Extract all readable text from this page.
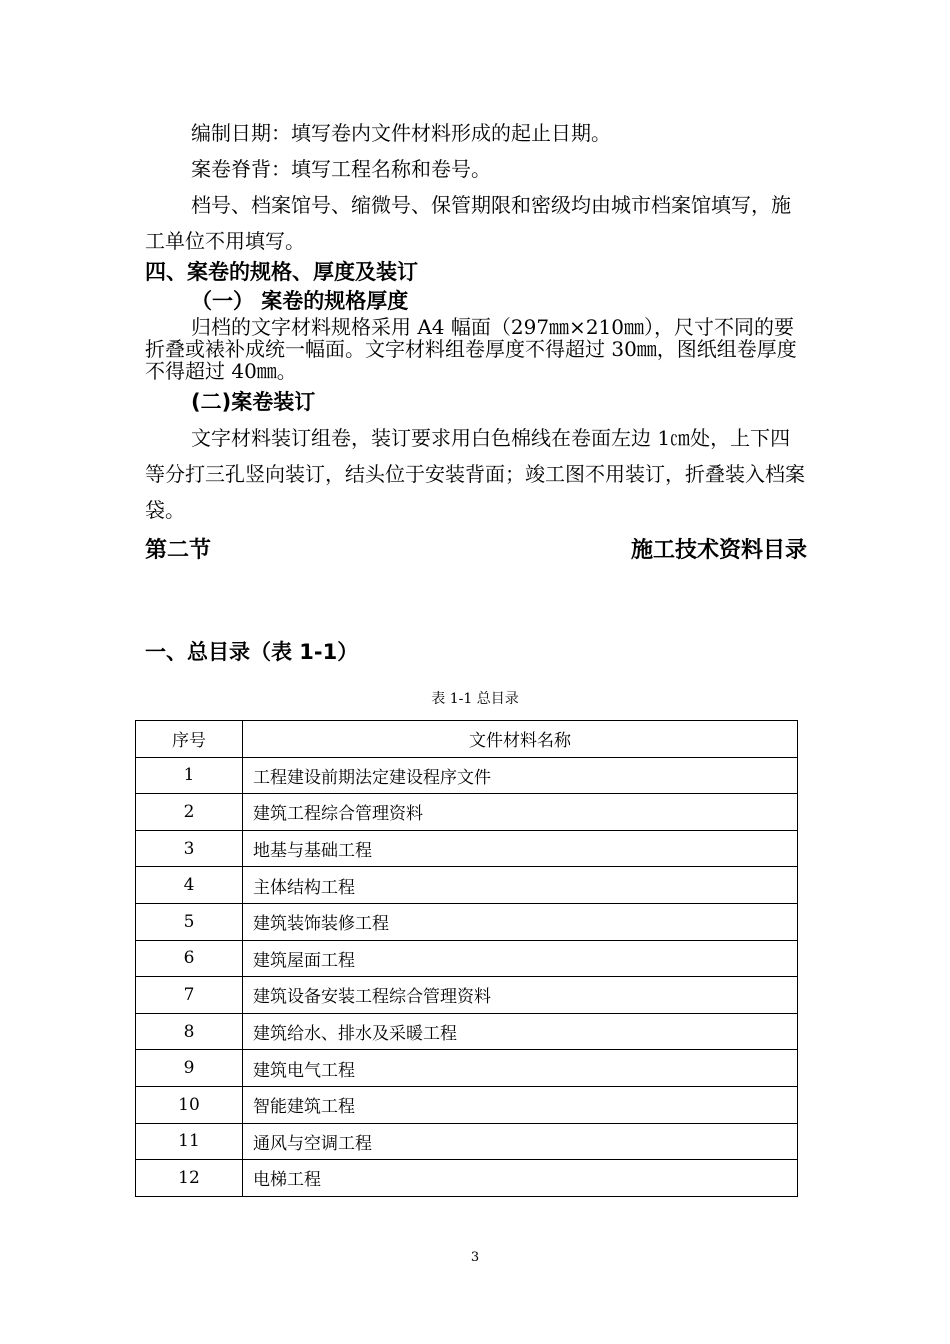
编制日期：填写卷内文件材料形成的起止日期。

案卷脊背：填写工程名称和卷号。

档号、档案馆号、缩微号、保管期限和密级均由城市档案馆填写，施工单位不用填写。

四、案卷的规格、厚度及装订
（一） 案卷的规格厚度

归档的文字材料规格采用 A4 幅面（297㎜×210㎜），尺寸不同的要折叠或裱补成统一幅面。文字材料组卷厚度不得超过 30㎜，图纸组卷厚度不得超过 40㎜。

(二)案卷装订

文字材料装订组卷，装订要求用白色棉线在卷面左边 1㎝处，上下四等分打三孔竖向装订，结头位于安装背面；竣工图不用装订，折叠装入档案袋。

第二节	施工技术资料目录
一、总目录（表 1-1）
表 1-1 总目录
序号	文件材料名称
1	工程建设前期法定建设程序文件
2	建筑工程综合管理资料
3	地基与基础工程
4	主体结构工程
5	建筑装饰装修工程
6	建筑屋面工程
7	建筑设备安装工程综合管理资料
8	建筑给水、排水及采暖工程
9	建筑电气工程
10	智能建筑工程
11	通风与空调工程
12	电梯工程
3
